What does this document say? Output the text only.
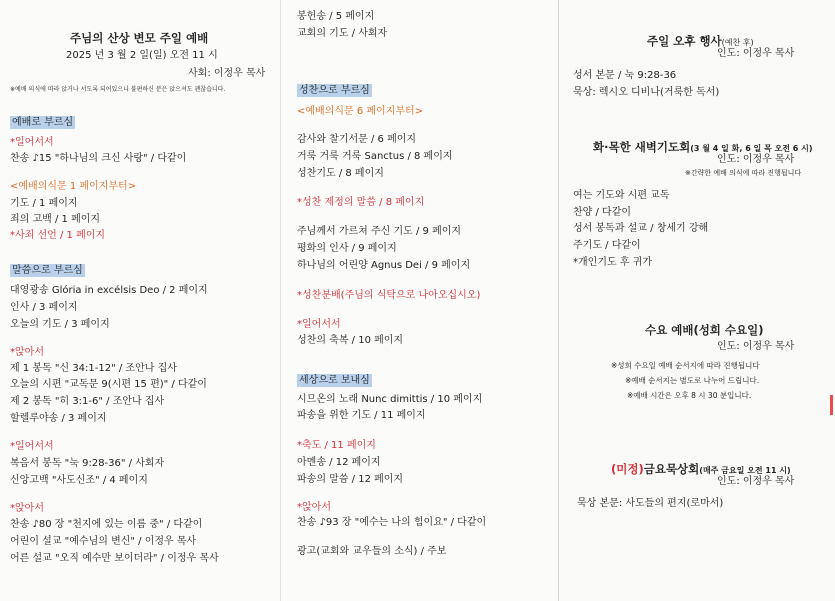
주님의 산상 변모 주일 예배
2025 년 3 월 2 일(일) 오전 11 시
사회: 이정우 목사
※예배 의식에 따라 앉거나 서도록 되어있으니 불편하신 분은 앉으셔도 괜찮습니다.
예배로 부르심
*일어서서
찬송 ♪15 "하나님의 크신 사랑" / 다같이
<예배의식문 1 페이지부터>
기도 / 1 페이지
죄의 고백 / 1 페이지
*사죄 선언 / 1 페이지
말씀으로 부르심
대영광송 Glória in excélsis Deo / 2 페이지
인사 / 3 페이지
오늘의 기도 / 3 페이지
*앉아서
제 1 봉독 "신 34:1-12" / 조안나 집사
오늘의 시편 "교독문 9(시편 15 편)" / 다같이
제 2 봉독 "히 3:1-6" / 조안나 집사
할렐루야송 / 3 페이지
*일어서서
복음서 봉독 "눅 9:28-36" / 사회자
신앙고백 "사도신조" / 4 페이지
*앉아서
찬송 ♪80 장 "천지에 있는 이름 중" / 다같이
어린이 설교 "예수님의 변신" / 이정우 목사
어른 설교 "오직 예수만 보이더라" / 이정우 목사
봉헌송 / 5 페이지
교회의 기도 / 사회자
성찬으로 부르심
<예배의식문 6 페이지부터>
감사와 찰기서문 / 6 페이지
거룩 거룩 거룩 Sanctus / 8 페이지
성찬기도 / 8 페이지
*성찬 제정의 말씀 / 8 페이지
주님께서 가르쳐 주신 기도 / 9 페이지
평화의 인사 / 9 페이지
하나님의 어린양 Agnus Dei / 9 페이지
*성찬분배(주님의 식탁으로 나아오십시오)
*일어서서
성찬의 축복 / 10 페이지
세상으로 보내심
시므온의 노래 Nunc dimittis / 10 페이지
파송을 위한 기도 / 11 페이지
*축도 / 11 페이지
아멘송 / 12 페이지
파송의 말씀 / 12 페이지
*앉아서
찬송 ♪93 장 "예수는 나의 힘이요" / 다같이
광고(교회와 교우들의 소식) / 주보
주일 오후 행사(예찬 후)
인도: 이정우 목사
성서 본문 / 눅 9:28-36
묵상: 렉시오 디비나(거룩한 독서)
화·목한 새벽기도회(3 월 4 일 화, 6 일 목 오전 6 시)
인도: 이정우 목사
※간략한 예배 의식에 따라 진행됩니다
여는 기도와 시편 교독
찬양 / 다같이
성서 봉독과 설교 / 창세기 강해
주기도 / 다같이
*개인기도 후 귀가
수요 예배(성희 수요일)
인도: 이정우 목사
※성희 수요일 예배 순서지에 따라 진행됩니다
※예배 순서지는 별도로 나누어 드립니다.
※예배 시간은 오후 8 시 30 분입니다.
(미정)금요묵상회(매주 금요일 오전 11 시)
인도: 이정우 목사
묵상 본문: 사도들의 편지(로마서)
